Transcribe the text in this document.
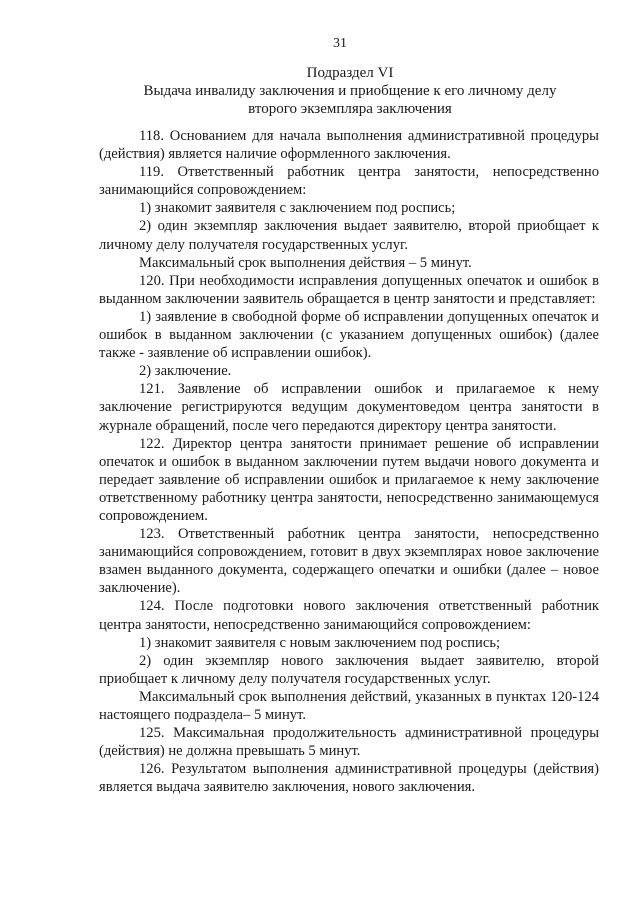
31
Подраздел VI
Выдача инвалиду заключения и приобщение к его личному делу
второго экземпляра заключения

118. Основанием для начала выполнения административной процедуры (действия) является наличие оформленного заключения.

119. Ответственный работник центра занятости, непосредственно занимающийся сопровождением:

1) знакомит заявителя с заключением под роспись;

2) один экземпляр заключения выдает заявителю, второй приобщает к личному делу получателя государственных услуг.

Максимальный срок выполнения действия – 5 минут.

120. При необходимости исправления допущенных опечаток и ошибок в выданном заключении заявитель обращается в центр занятости и представляет:

1) заявление в свободной форме об исправлении допущенных опечаток и ошибок в выданном заключении (с указанием допущенных ошибок) (далее также - заявление об исправлении ошибок).

2) заключение.

121. Заявление об исправлении ошибок и прилагаемое к нему заключение регистрируются ведущим документоведом центра занятости в журнале обращений, после чего передаются директору центра занятости.

122. Директор центра занятости принимает решение об исправлении опечаток и ошибок в выданном заключении путем выдачи нового документа и передает заявление об исправлении ошибок и прилагаемое к нему заключение ответственному работнику центра занятости, непосредственно занимающемуся сопровождением.

123. Ответственный работник центра занятости, непосредственно занимающийся сопровождением, готовит в двух экземплярах новое заключение взамен выданного документа, содержащего опечатки и ошибки (далее – новое заключение).

124. После подготовки нового заключения ответственный работник центра занятости, непосредственно занимающийся сопровождением:

1) знакомит заявителя с новым заключением под роспись;

2) один экземпляр нового заключения выдает заявителю, второй приобщает к личному делу получателя государственных услуг.

Максимальный срок выполнения действий, указанных в пунктах 120-124 настоящего подраздела– 5 минут.

125. Максимальная продолжительность административной процедуры (действия) не должна превышать 5 минут.

126. Результатом выполнения административной процедуры (действия) является выдача заявителю заключения, нового заключения.
